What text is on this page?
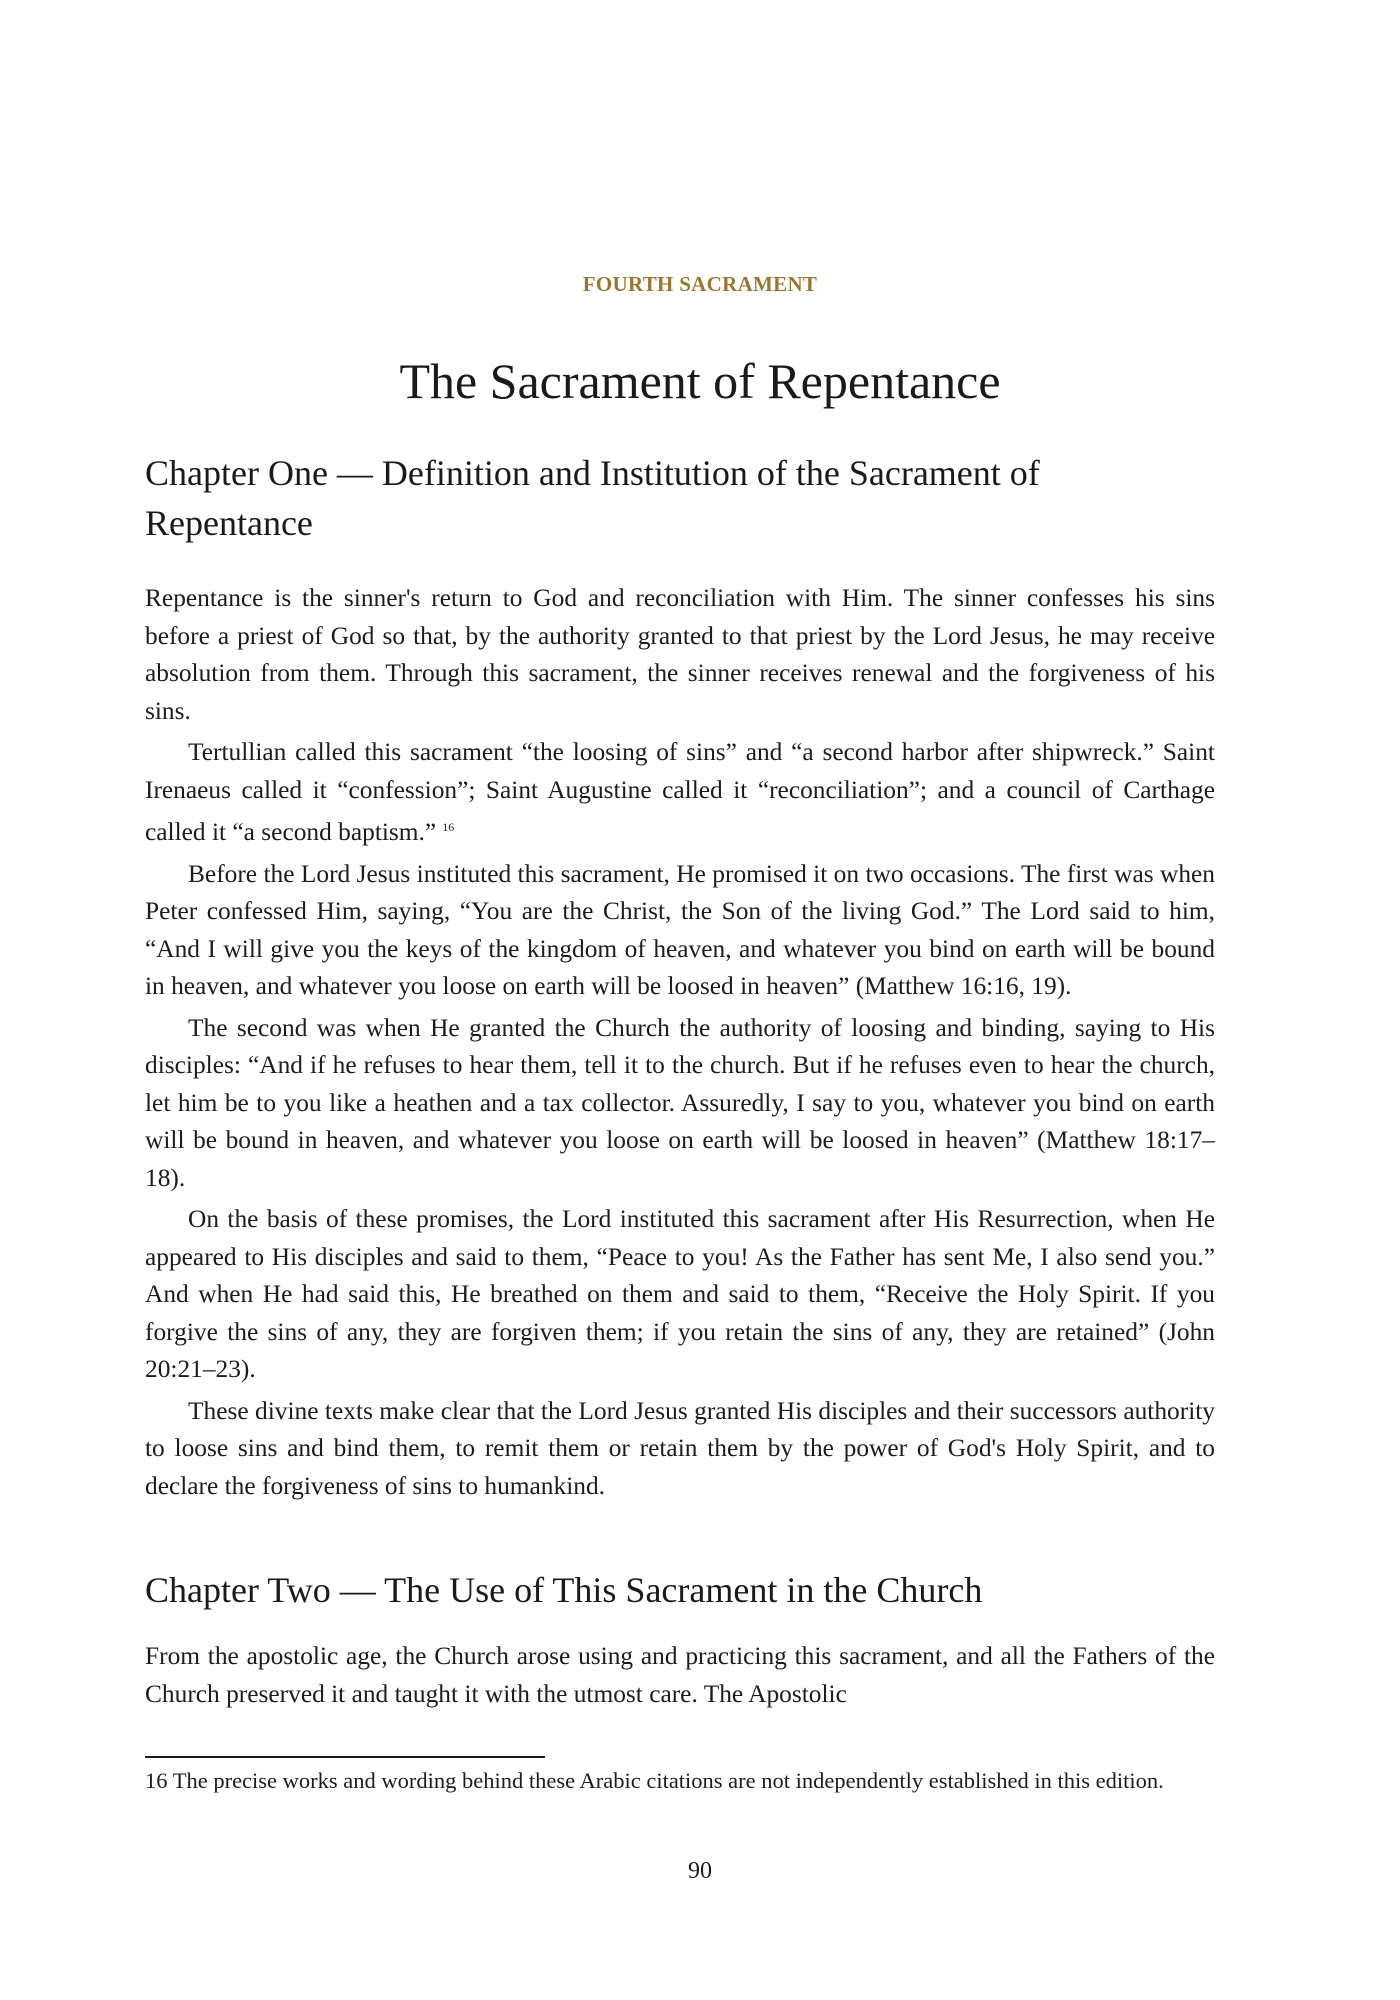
FOURTH SACRAMENT
The Sacrament of Repentance
Chapter One — Definition and Institution of the Sacrament of Repentance

Repentance is the sinner's return to God and reconciliation with Him. The sinner confesses his sins before a priest of God so that, by the authority granted to that priest by the Lord Jesus, he may receive absolution from them. Through this sacrament, the sinner receives renewal and the forgiveness of his sins.

Tertullian called this sacrament “the loosing of sins” and “a second harbor after shipwreck.” Saint Irenaeus called it “confession”; Saint Augustine called it “reconciliation”; and a council of Carthage called it “a second baptism.” $^{16}$

Before the Lord Jesus instituted this sacrament, He promised it on two occasions. The first was when Peter confessed Him, saying, “You are the Christ, the Son of the living God.” The Lord said to him, “And I will give you the keys of the kingdom of heaven, and whatever you bind on earth will be bound in heaven, and whatever you loose on earth will be loosed in heaven” (Matthew 16:16, 19).

The second was when He granted the Church the authority of loosing and binding, saying to His disciples: “And if he refuses to hear them, tell it to the church. But if he refuses even to hear the church, let him be to you like a heathen and a tax collector. Assuredly, I say to you, whatever you bind on earth will be bound in heaven, and whatever you loose on earth will be loosed in heaven” (Matthew 18:17–18).

On the basis of these promises, the Lord instituted this sacrament after His Resurrection, when He appeared to His disciples and said to them, “Peace to you! As the Father has sent Me, I also send you.” And when He had said this, He breathed on them and said to them, “Receive the Holy Spirit. If you forgive the sins of any, they are forgiven them; if you retain the sins of any, they are retained” (John 20:21–23).

These divine texts make clear that the Lord Jesus granted His disciples and their successors authority to loose sins and bind them, to remit them or retain them by the power of God's Holy Spirit, and to declare the forgiveness of sins to humankind.

Chapter Two — The Use of This Sacrament in the Church

From the apostolic age, the Church arose using and practicing this sacrament, and all the Fathers of the Church preserved it and taught it with the utmost care. The Apostolic

16 The precise works and wording behind these Arabic citations are not independently established in this edition.
90
